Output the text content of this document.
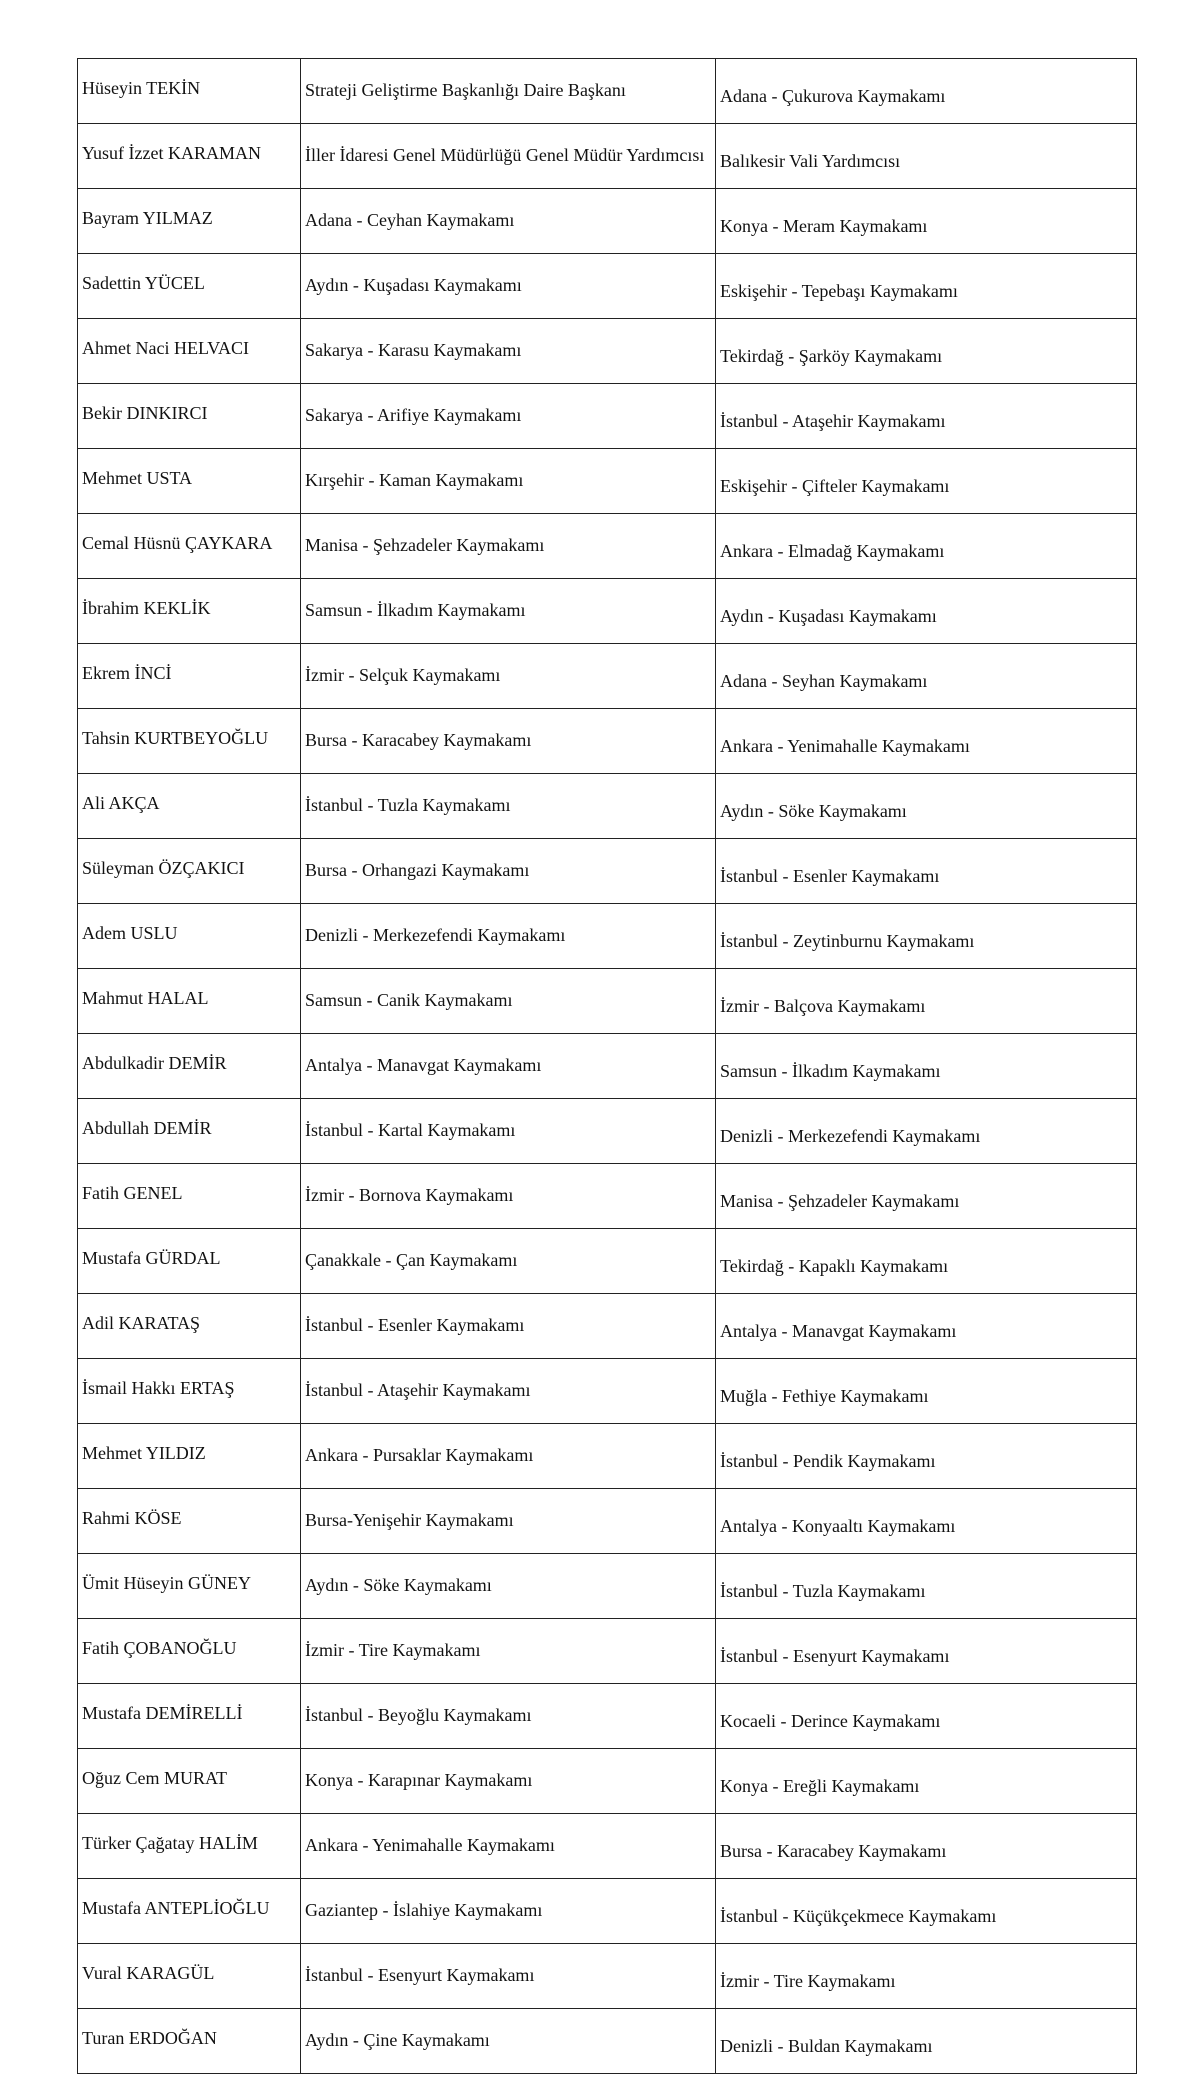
Hüseyin TEKİN	Strateji Geliştirme Başkanlığı Daire Başkanı	Adana - Çukurova Kaymakamı
Yusuf İzzet KARAMAN	İller İdaresi Genel Müdürlüğü Genel Müdür Yardımcısı	Balıkesir Vali Yardımcısı
Bayram YILMAZ	Adana - Ceyhan Kaymakamı	Konya - Meram Kaymakamı
Sadettin YÜCEL	Aydın - Kuşadası Kaymakamı	Eskişehir - Tepebaşı Kaymakamı
Ahmet Naci HELVACI	Sakarya - Karasu Kaymakamı	Tekirdağ - Şarköy Kaymakamı
Bekir DINKIRCI	Sakarya - Arifiye Kaymakamı	İstanbul - Ataşehir Kaymakamı
Mehmet USTA	Kırşehir - Kaman Kaymakamı	Eskişehir - Çifteler Kaymakamı
Cemal Hüsnü ÇAYKARA	Manisa - Şehzadeler Kaymakamı	Ankara - Elmadağ Kaymakamı
İbrahim KEKLİK	Samsun - İlkadım Kaymakamı	Aydın - Kuşadası Kaymakamı
Ekrem İNCİ	İzmir - Selçuk Kaymakamı	Adana - Seyhan Kaymakamı
Tahsin KURTBEYOĞLU	Bursa - Karacabey Kaymakamı	Ankara - Yenimahalle Kaymakamı
Ali AKÇA	İstanbul - Tuzla Kaymakamı	Aydın - Söke Kaymakamı
Süleyman ÖZÇAKICI	Bursa - Orhangazi Kaymakamı	İstanbul - Esenler Kaymakamı
Adem USLU	Denizli - Merkezefendi Kaymakamı	İstanbul - Zeytinburnu Kaymakamı
Mahmut HALAL	Samsun - Canik Kaymakamı	İzmir - Balçova Kaymakamı
Abdulkadir DEMİR	Antalya - Manavgat Kaymakamı	Samsun - İlkadım Kaymakamı
Abdullah DEMİR	İstanbul - Kartal Kaymakamı	Denizli - Merkezefendi Kaymakamı
Fatih GENEL	İzmir - Bornova Kaymakamı	Manisa - Şehzadeler Kaymakamı
Mustafa GÜRDAL	Çanakkale - Çan Kaymakamı	Tekirdağ - Kapaklı Kaymakamı
Adil KARATAŞ	İstanbul - Esenler Kaymakamı	Antalya - Manavgat Kaymakamı
İsmail Hakkı ERTAŞ	İstanbul - Ataşehir Kaymakamı	Muğla - Fethiye Kaymakamı
Mehmet YILDIZ	Ankara - Pursaklar Kaymakamı	İstanbul - Pendik Kaymakamı
Rahmi KÖSE	Bursa-Yenişehir Kaymakamı	Antalya - Konyaaltı Kaymakamı
Ümit Hüseyin GÜNEY	Aydın - Söke Kaymakamı	İstanbul - Tuzla Kaymakamı
Fatih ÇOBANOĞLU	İzmir - Tire Kaymakamı	İstanbul - Esenyurt Kaymakamı
Mustafa DEMİRELLİ	İstanbul - Beyoğlu Kaymakamı	Kocaeli - Derince Kaymakamı
Oğuz Cem MURAT	Konya - Karapınar Kaymakamı	Konya - Ereğli Kaymakamı
Türker Çağatay HALİM	Ankara - Yenimahalle Kaymakamı	Bursa - Karacabey Kaymakamı
Mustafa ANTEPLİOĞLU	Gaziantep - İslahiye Kaymakamı	İstanbul - Küçükçekmece Kaymakamı
Vural KARAGÜL	İstanbul - Esenyurt Kaymakamı	İzmir - Tire Kaymakamı
Turan ERDOĞAN	Aydın - Çine Kaymakamı	Denizli - Buldan Kaymakamı
